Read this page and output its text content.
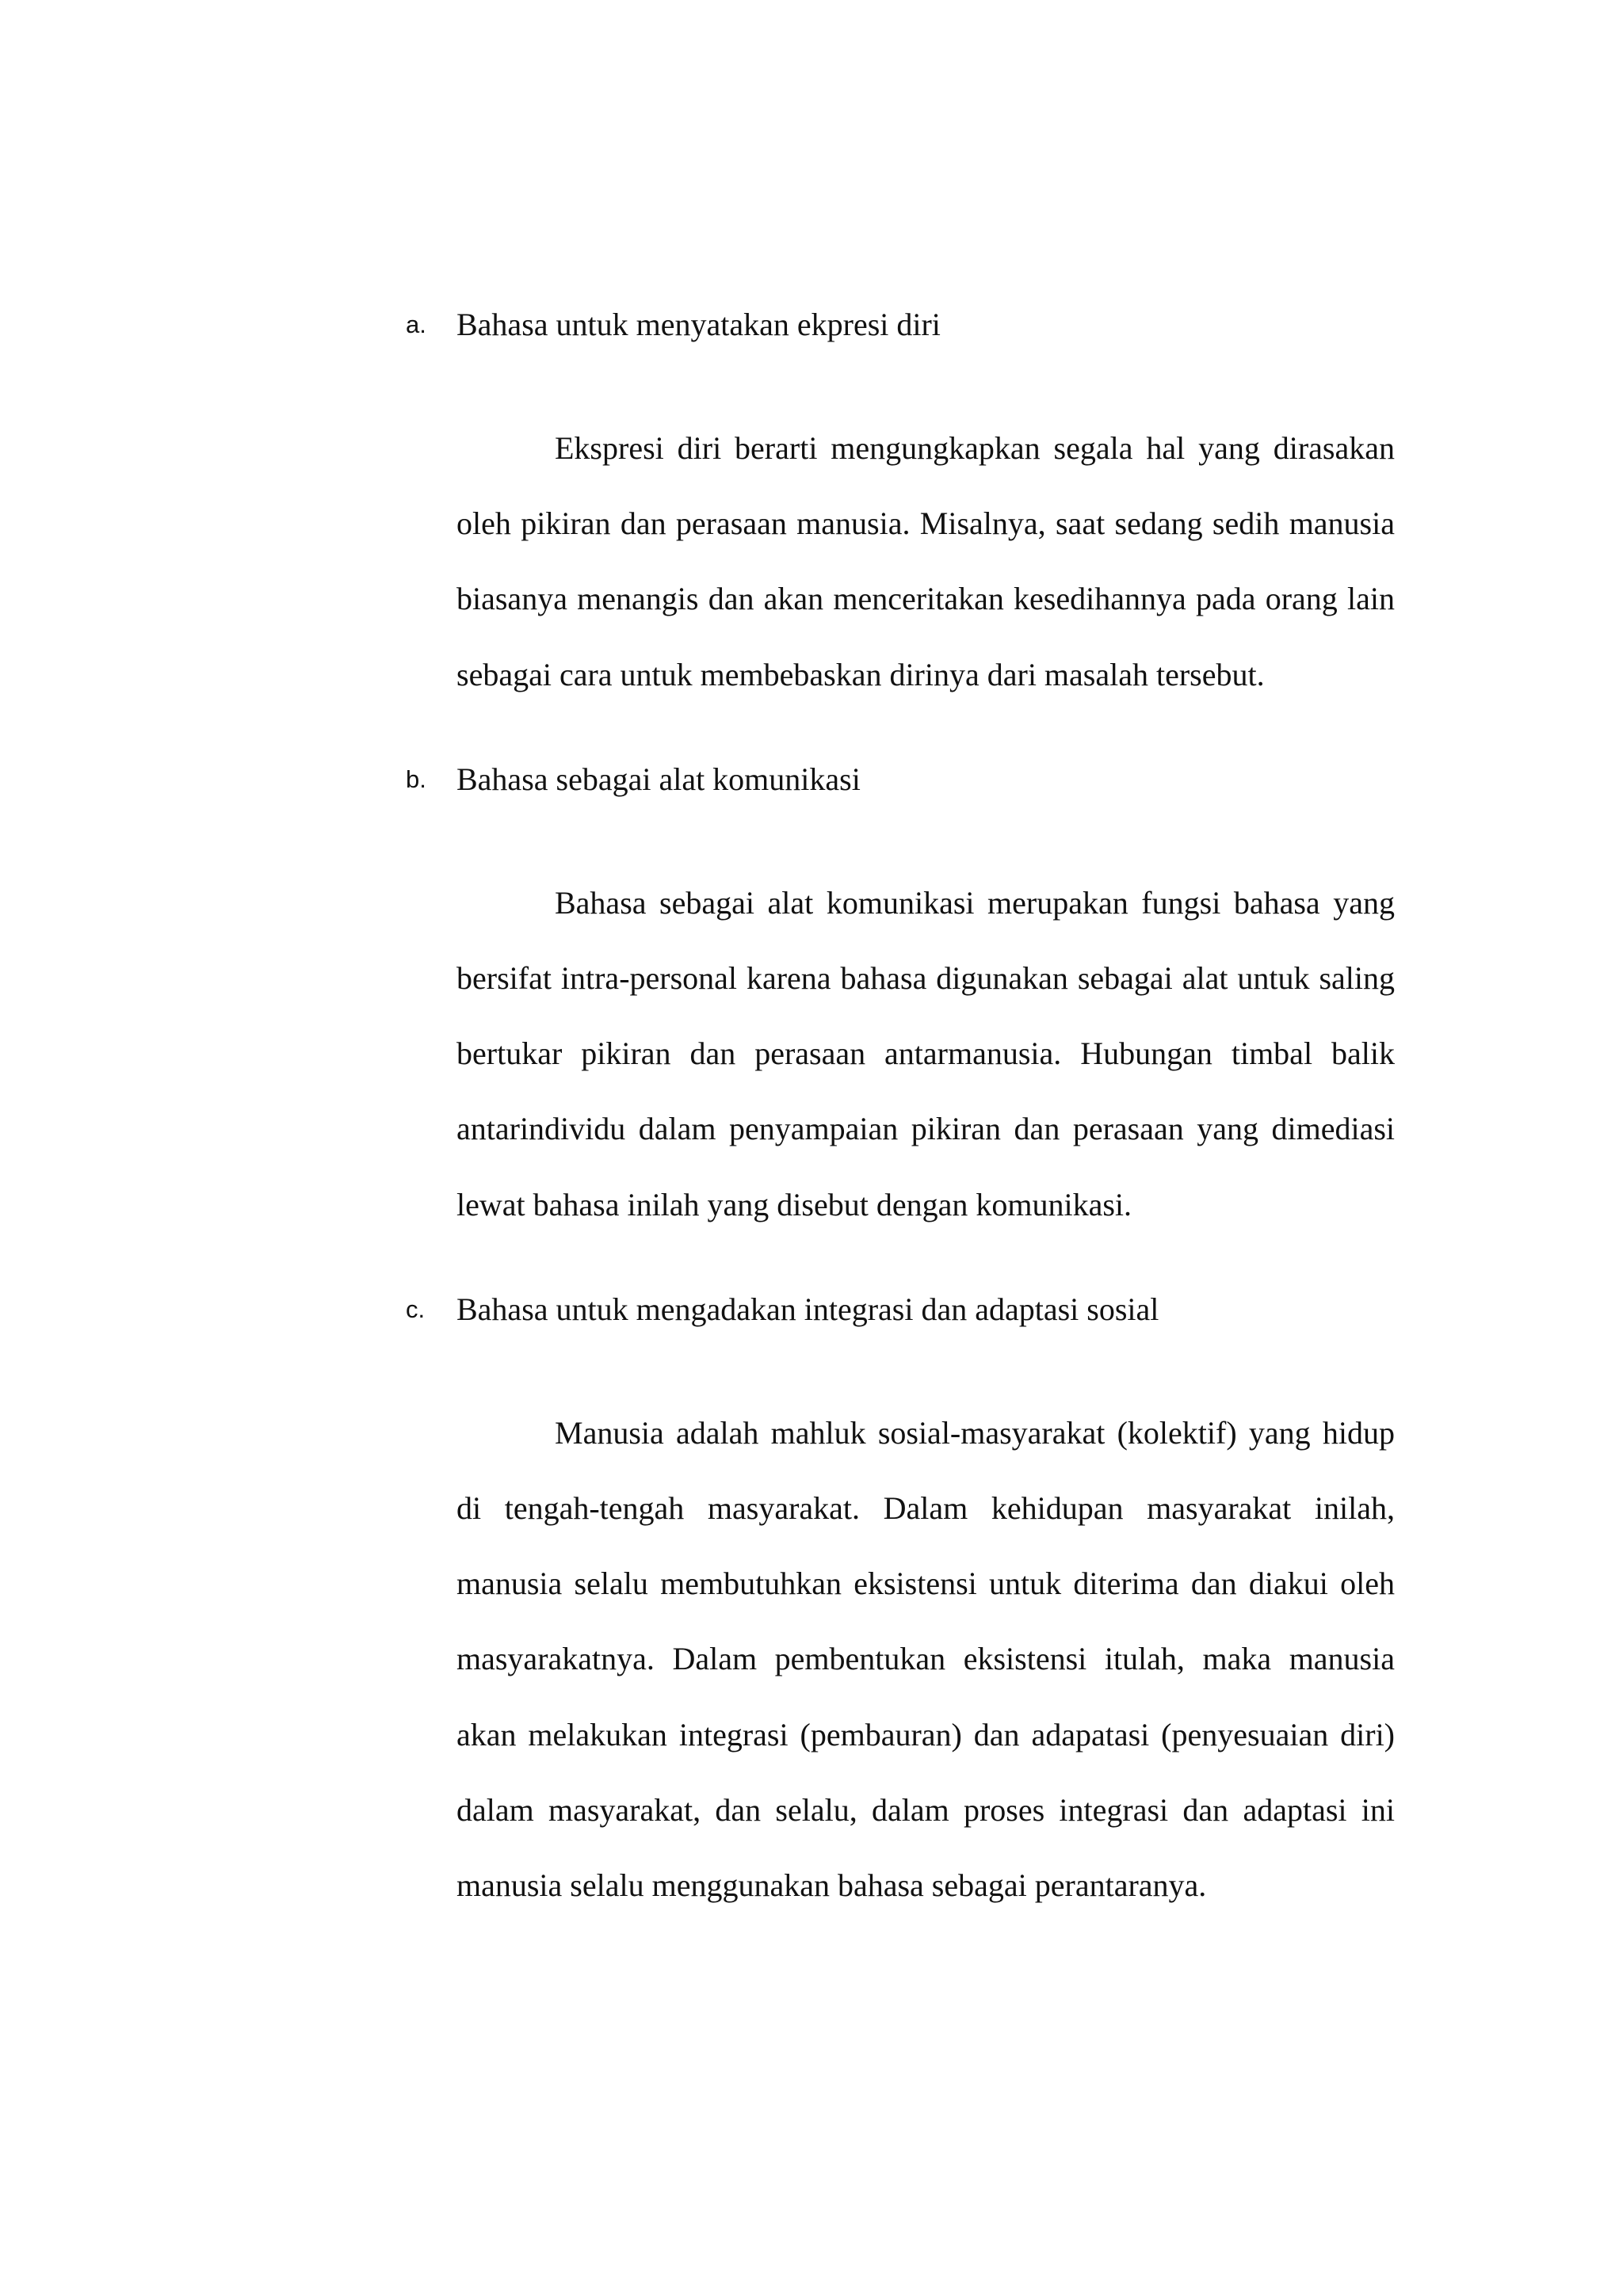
a. Bahasa untuk menyatakan ekpresi diri

Ekspresi diri berarti mengungkapkan segala hal yang dirasakan oleh pikiran dan perasaan manusia. Misalnya, saat sedang sedih manusia biasanya menangis dan akan menceritakan kesedihannya pada orang lain sebagai cara untuk membebaskan dirinya dari masalah tersebut.

b. Bahasa sebagai alat komunikasi

Bahasa sebagai alat komunikasi merupakan fungsi bahasa yang bersifat intra-personal karena bahasa digunakan sebagai alat untuk saling bertukar pikiran dan perasaan antarmanusia. Hubungan timbal balik antarindividu dalam penyampaian pikiran dan perasaan yang dimediasi lewat bahasa inilah yang disebut dengan komunikasi.

c. Bahasa untuk mengadakan integrasi dan adaptasi sosial

Manusia adalah mahluk sosial-masyarakat (kolektif) yang hidup di tengah-tengah masyarakat. Dalam kehidupan masyarakat inilah, manusia selalu membutuhkan eksistensi untuk diterima dan diakui oleh masyarakatnya. Dalam pembentukan eksistensi itulah, maka manusia akan melakukan integrasi (pembauran) dan adapatasi (penyesuaian diri) dalam masyarakat, dan selalu, dalam proses integrasi dan adaptasi ini manusia selalu menggunakan bahasa sebagai perantaranya.
